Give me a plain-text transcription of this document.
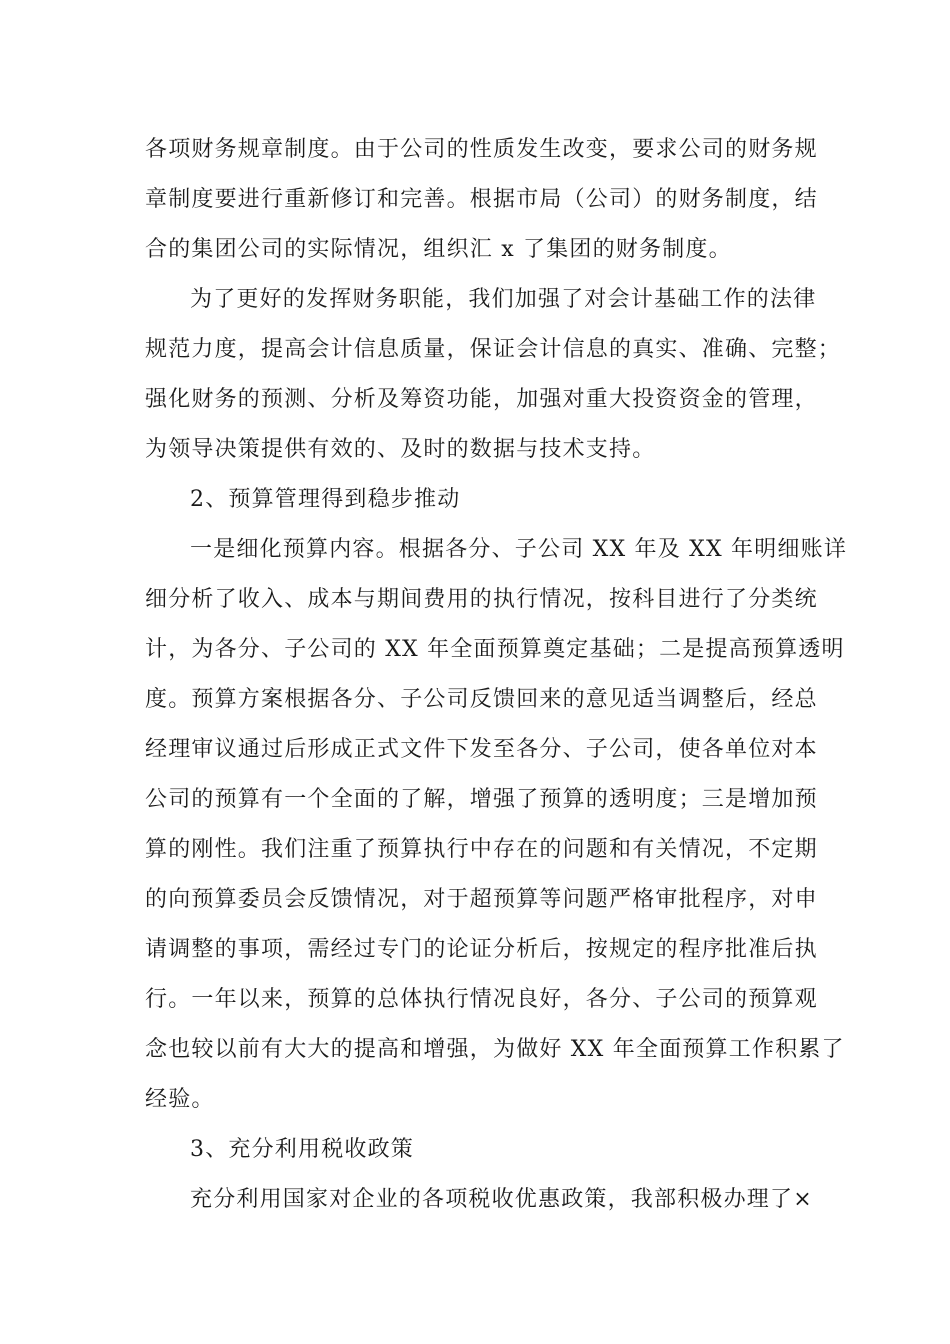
各项财务规章制度。由于公司的性质发生改变，要求公司的财务规
章制度要进行重新修订和完善。根据市局（公司）的财务制度，结
合的集团公司的实际情况，组织汇 x 了集团的财务制度。
为了更好的发挥财务职能，我们加强了对会计基础工作的法律
规范力度，提高会计信息质量，保证会计信息的真实、准确、完整；
强化财务的预测、分析及筹资功能，加强对重大投资资金的管理，
为领导决策提供有效的、及时的数据与技术支持。
2、预算管理得到稳步推动
一是细化预算内容。根据各分、子公司 XX 年及 XX 年明细账详
细分析了收入、成本与期间费用的执行情况，按科目进行了分类统
计，为各分、子公司的 XX 年全面预算奠定基础；二是提高预算透明
度。预算方案根据各分、子公司反馈回来的意见适当调整后，经总
经理审议通过后形成正式文件下发至各分、子公司，使各单位对本
公司的预算有一个全面的了解，增强了预算的透明度；三是增加预
算的刚性。我们注重了预算执行中存在的问题和有关情况，不定期
的向预算委员会反馈情况，对于超预算等问题严格审批程序，对申
请调整的事项，需经过专门的论证分析后，按规定的程序批准后执
行。一年以来，预算的总体执行情况良好，各分、子公司的预算观
念也较以前有大大的提高和增强，为做好 XX 年全面预算工作积累了
经验。
3、充分利用税收政策
充分利用国家对企业的各项税收优惠政策，我部积极办理了×
